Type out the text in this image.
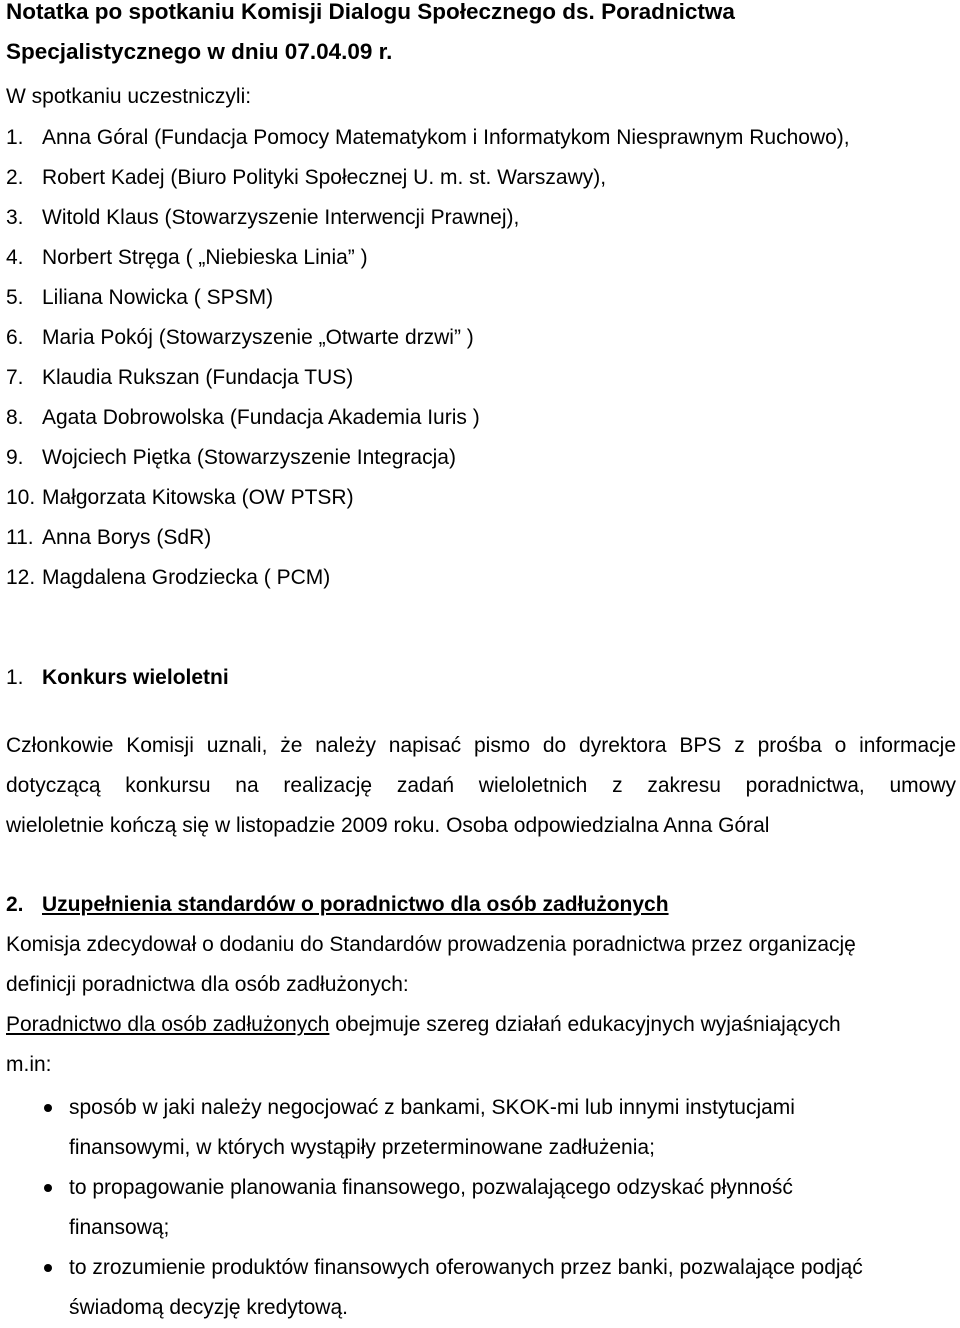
Notatka po spotkaniu Komisji Dialogu Społecznego ds. Poradnictwa
Specjalistycznego w dniu 07.04.09 r.
W spotkaniu uczestniczyli:
1. Anna Góral (Fundacja Pomocy Matematykom i Informatykom Niesprawnym Ruchowo),
2. Robert Kadej (Biuro Polityki Społecznej U. m. st. Warszawy),
3. Witold Klaus (Stowarzyszenie Interwencji Prawnej),
4. Norbert Stręga ( „Niebieska Linia” )
5. Liliana Nowicka ( SPSM)
6. Maria Pokój (Stowarzyszenie „Otwarte drzwi” )
7. Klaudia Rukszan (Fundacja TUS)
8. Agata Dobrowolska (Fundacja Akademia Iuris )
9. Wojciech Piętka (Stowarzyszenie Integracja)
10. Małgorzata Kitowska (OW PTSR)
11. Anna Borys (SdR)
12. Magdalena Grodziecka ( PCM)
1. Konkurs wieloletni

Członkowie Komisji uznali, że należy napisać pismo do dyrektora BPS z prośba o informacje
dotyczącą konkursu na realizację zadań wieloletnich z zakresu poradnictwa, umowy
wieloletnie kończą się w listopadzie 2009 roku. Osoba odpowiedzialna Anna Góral

2. Uzupełnienia standardów o poradnictwo dla osób zadłużonych

Komisja zdecydował o dodaniu do Standardów prowadzenia poradnictwa przez organizację
definicji poradnictwa dla osób zadłużonych:

Poradnictwo dla osób zadłużonych obejmuje szereg działań edukacyjnych wyjaśniających
m.in:

sposób w jaki należy negocjować z bankami, SKOK-mi lub innymi instytucjami
finansowymi, w których wystąpiły przeterminowane zadłużenia;
to propagowanie planowania finansowego, pozwalającego odzyskać płynność
finansową;
to zrozumienie produktów finansowych oferowanych przez banki, pozwalające podjąć
świadomą decyzję kredytową.
